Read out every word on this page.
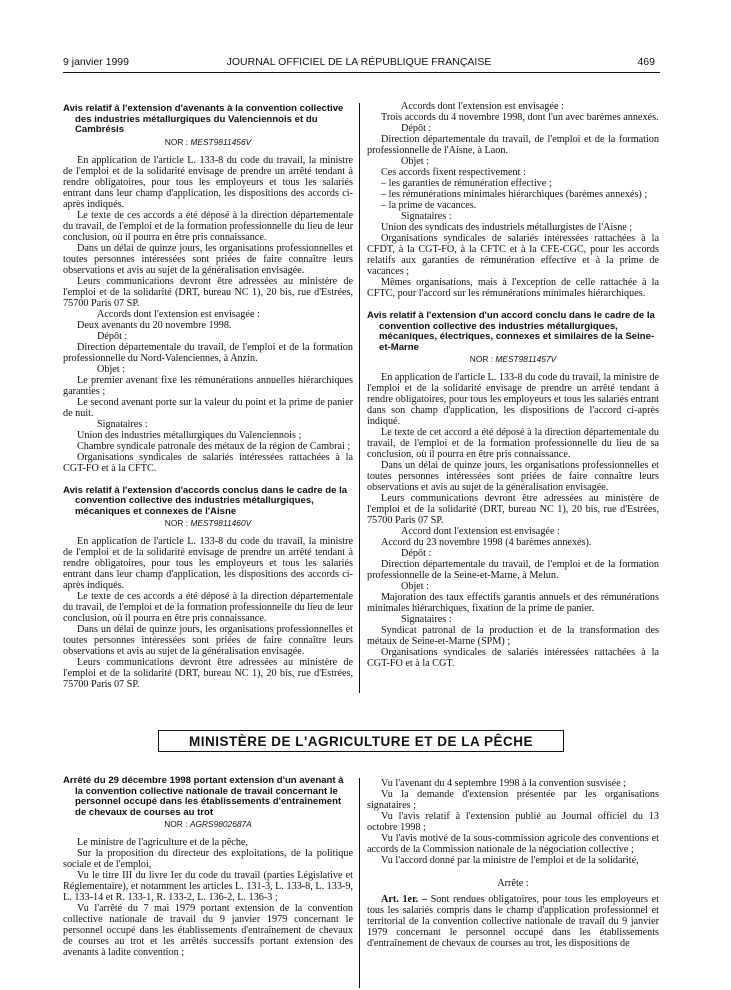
9 janvier 1999	JOURNAL OFFICIEL DE LA RÉPUBLIQUE FRANÇAISE	469

Avis relatif à l'extension d'avenants à la convention collective des industries métallurgiques du Valenciennois et du Cambrésis

NOR : MEST9811456V

En application de l'article L. 133-8 du code du travail, la ministre de l'emploi et de la solidarité envisage de prendre un arrêté tendant à rendre obligatoires, pour tous les employeurs et tous les salariés entrant dans leur champ d'application, les dispositions des accords ci-après indiqués.

Le texte de ces accords a été déposé à la direction départementale du travail, de l'emploi et de la formation professionnelle du lieu de leur conclusion, où il pourra en être pris connaissance.

Dans un délai de quinze jours, les organisations professionnelles et toutes personnes intéressées sont priées de faire connaître leurs observations et avis au sujet de la généralisation envisagée.

Leurs communications devront être adressées au ministère de l'emploi et de la solidarité (DRT, bureau NC 1), 20 bis, rue d'Estrées, 75700 Paris 07 SP.

Accords dont l'extension est envisagée :

Deux avenants du 20 novembre 1998.

Dépôt :

Direction départementale du travail, de l'emploi et de la formation professionnelle du Nord-Valenciennes, à Anzin.

Objet :

Le premier avenant fixe les rémunérations annuelles hiérarchiques garanties ;

Le second avenant porte sur la valeur du point et la prime de panier de nuit.

Signataires :

Union des industries métallurgiques du Valenciennois ;

Chambre syndicale patronale des métaux de la région de Cambrai ;

Organisations syndicales de salariés intéressées rattachées à la CGT-FO et à la CFTC.

Avis relatif à l'extension d'accords conclus dans le cadre de la convention collective des industries métallurgiques, mécaniques et connexes de l'Aisne

NOR : MEST9811460V

En application de l'article L. 133-8 du code du travail, la ministre de l'emploi et de la solidarité envisage de prendre un arrêté tendant à rendre obligatoires, pour tous les employeurs et tous les salariés entrant dans leur champ d'application, les dispositions des accords ci-après indiqués.

Le texte de ces accords a été déposé à la direction départementale du travail, de l'emploi et de la formation professionnelle du lieu de leur conclusion, où il pourra en être pris connaissance.

Dans un délai de quinze jours, les organisations professionnelles et toutes personnes intéressées sont priées de faire connaître leurs observations et avis au sujet de la généralisation envisagée.

Leurs communications devront être adressées au ministère de l'emploi et de la solidarité (DRT, bureau NC 1), 20 bis, rue d'Estrées, 75700 Paris 07 SP.

Accords dont l'extension est envisagée :

Trois accords du 4 novembre 1998, dont l'un avec barèmes annexés.

Dépôt :

Direction départementale du travail, de l'emploi et de la formation professionnelle de l'Aisne, à Laon.

Objet :

Ces accords fixent respectivement :

– les garanties de rémunération effective ;

– les rémunérations minimales hiérarchiques (barèmes annexés) ;

– la prime de vacances.

Signataires :

Union des syndicats des industriels métallurgistes de l'Aisne ;

Organisations syndicales de salariés intéressées rattachées à la CFDT, à la CGT-FO, à la CFTC et à la CFE-CGC, pour les accords relatifs aux garanties de rémunération effective et à la prime de vacances ;

Mêmes organisations, mais à l'exception de celle rattachée à la CFTC, pour l'accord sur les rémunérations minimales hiérarchiques.

Avis relatif à l'extension d'un accord conclu dans le cadre de la convention collective des industries métallurgiques, mécaniques, électriques, connexes et similaires de la Seine-et-Marne

NOR : MEST9811457V

En application de l'article L. 133-8 du code du travail, la ministre de l'emploi et de la solidarité envisage de prendre un arrêté tendant à rendre obligatoires, pour tous les employeurs et tous les salariés entrant dans son champ d'application, les dispositions de l'accord ci-après indiqué.

Le texte de cet accord a été déposé à la direction départementale du travail, de l'emploi et de la formation professionnelle du lieu de sa conclusion, où il pourra en être pris connaissance.

Dans un délai de quinze jours, les organisations professionnelles et toutes personnes intéressées sont priées de faire connaître leurs observations et avis au sujet de la généralisation envisagée.

Leurs communications devront être adressées au ministère de l'emploi et de la solidarité (DRT, bureau NC 1), 20 bis, rue d'Estrées, 75700 Paris 07 SP.

Accord dont l'extension est envisagée :

Accord du 23 novembre 1998 (4 barèmes annexés).

Dépôt :

Direction départementale du travail, de l'emploi et de la formation professionnelle de la Seine-et-Marne, à Melun.

Objet :

Majoration des taux effectifs garantis annuels et des rémunérations minimales hiérarchiques, fixation de la prime de panier.

Signataires :

Syndicat patronal de la production et de la transformation des métaux de Seine-et-Marne (SPM) ;

Organisations syndicales de salariés intéressées rattachées à la CGT-FO et à la CGT.

MINISTÈRE DE L'AGRICULTURE ET DE LA PÊCHE

Arrêté du 29 décembre 1998 portant extension d'un avenant à la convention collective nationale de travail concernant le personnel occupé dans les établissements d'entraînement de chevaux de courses au trot

NOR : AGRS9802687A

Le ministre de l'agriculture et de la pêche,

Sur la proposition du directeur des exploitations, de la politique sociale et de l'emploi,

Vu le titre III du livre Ier du code du travail (parties Législative et Réglementaire), et notamment les articles L. 131-3, L. 133-8, L. 133-9, L. 133-14 et R. 133-1, R. 133-2, L. 136-2, L. 136-3 ;

Vu l'arrêté du 7 mai 1979 portant extension de la convention collective nationale de travail du 9 janvier 1979 concernant le personnel occupé dans les établissements d'entraînement de chevaux de courses au trot et les arrêtés successifs portant extension des avenants à ladite convention ;

Vu l'avenant du 4 septembre 1998 à la convention susvisée ;

Vu la demande d'extension présentée par les organisations signataires ;

Vu l'avis relatif à l'extension publié au Journal officiel du 13 octobre 1998 ;

Vu l'avis motivé de la sous-commission agricole des conventions et accords de la Commission nationale de la négociation collective ;

Vu l'accord donné par la ministre de l'emploi et de la solidarité,

Arrête :

Art. 1er. – Sont rendues obligatoires, pour tous les employeurs et tous les salariés compris dans le champ d'application professionnel et territorial de la convention collective nationale de travail du 9 janvier 1979 concernant le personnel occupé dans les établissements d'entraînement de chevaux de courses au trot, les dispositions de
